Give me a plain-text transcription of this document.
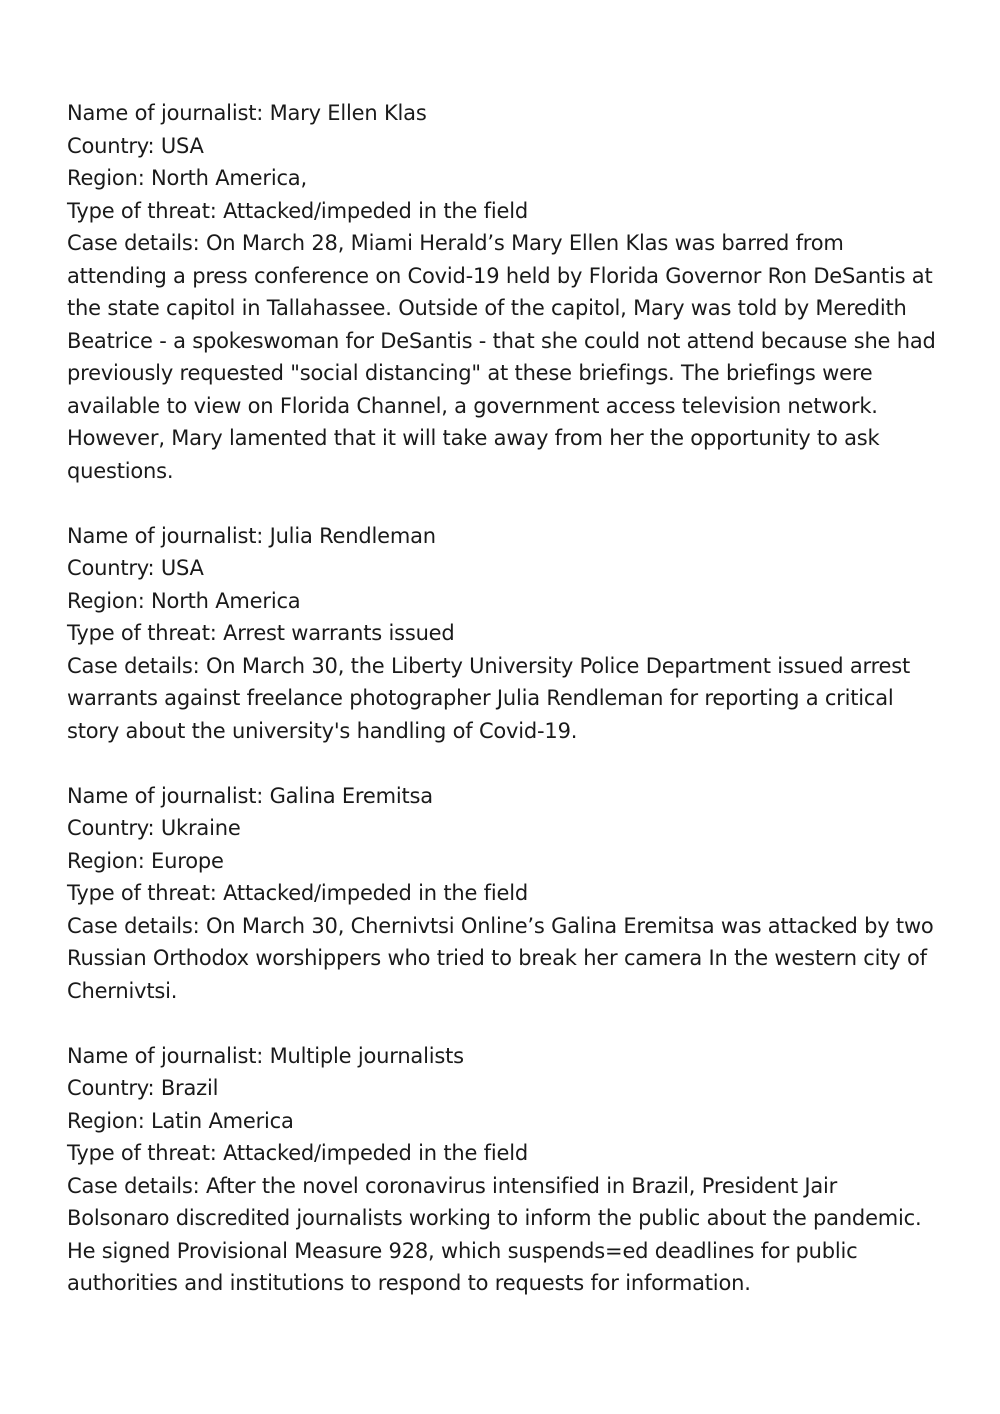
Name of journalist: Mary Ellen Klas
Country: USA
Region: North America,
Type of threat: Attacked/impeded in the field
Case details: On March 28, Miami Herald’s Mary Ellen Klas was barred from attending a press conference on Covid-19 held by Florida Governor Ron DeSantis at the state capitol in Tallahassee. Outside of the capitol, Mary was told by Meredith Beatrice - a spokeswoman for DeSantis - that she could not attend because she had previously requested "social distancing" at these briefings. The briefings were available to view on Florida Channel, a government access television network. However, Mary lamented that it will take away from her the opportunity to ask questions.
Name of journalist: Julia Rendleman
Country: USA
Region: North America
Type of threat: Arrest warrants issued
Case details: On March 30, the Liberty University Police Department issued arrest warrants against freelance photographer Julia Rendleman for reporting a critical story about the university's handling of Covid-19.
Name of journalist: Galina Eremitsa
Country: Ukraine
Region: Europe
Type of threat: Attacked/impeded in the field
Case details: On March 30, Chernivtsi Online’s Galina Eremitsa was attacked by two Russian Orthodox worshippers who tried to break her camera In the western city of Chernivtsi.
Name of journalist: Multiple journalists
Country: Brazil
Region: Latin America
Type of threat: Attacked/impeded in the field
Case details: After the novel coronavirus intensified in Brazil, President Jair Bolsonaro discredited journalists working to inform the public about the pandemic. He signed Provisional Measure 928, which suspends=ed deadlines for public authorities and institutions to respond to requests for information.
